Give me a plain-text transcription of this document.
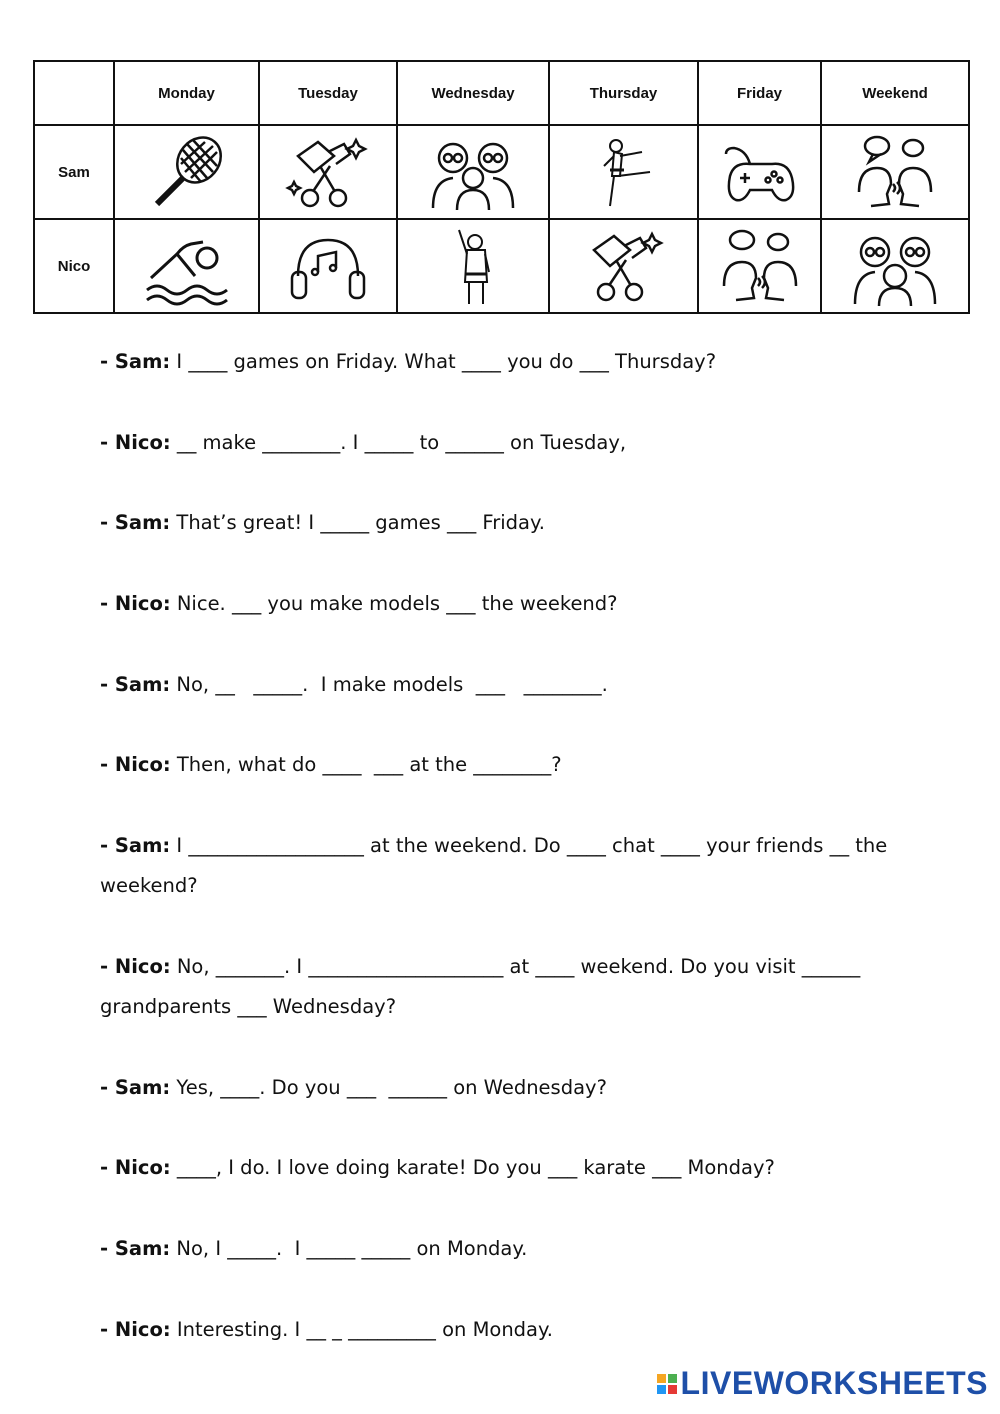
	Monday	Tuesday	Wednesday	Thursday	Friday	Weekend
Sam	

Nico	

- Sam: I ____ games on Friday. What ____ you do ___ Thursday?
- Nico: __ make ________. I _____ to ______ on Tuesday,
- Sam: That’s great! I _____ games ___ Friday.
- Nico: Nice. ___ you make models ___ the weekend?
- Sam: No, __   _____.  I make models  ___   ________.
- Nico: Then, what do ____  ___ at the ________?
- Sam: I __________________ at the weekend. Do ____ chat ____ your friends __ the weekend?
- Nico: No, _______. I ____________________ at ____ weekend. Do you visit ______ grandparents ___ Wednesday?
- Sam: Yes, ____. Do you ___  ______ on Wednesday?
- Nico: ____, I do. I love doing karate! Do you ___ karate ___ Monday?
- Sam: No, I _____.  I _____ _____ on Monday.
- Nico: Interesting. I __ _ _________ on Monday.
LIVEWORKSHEETS
